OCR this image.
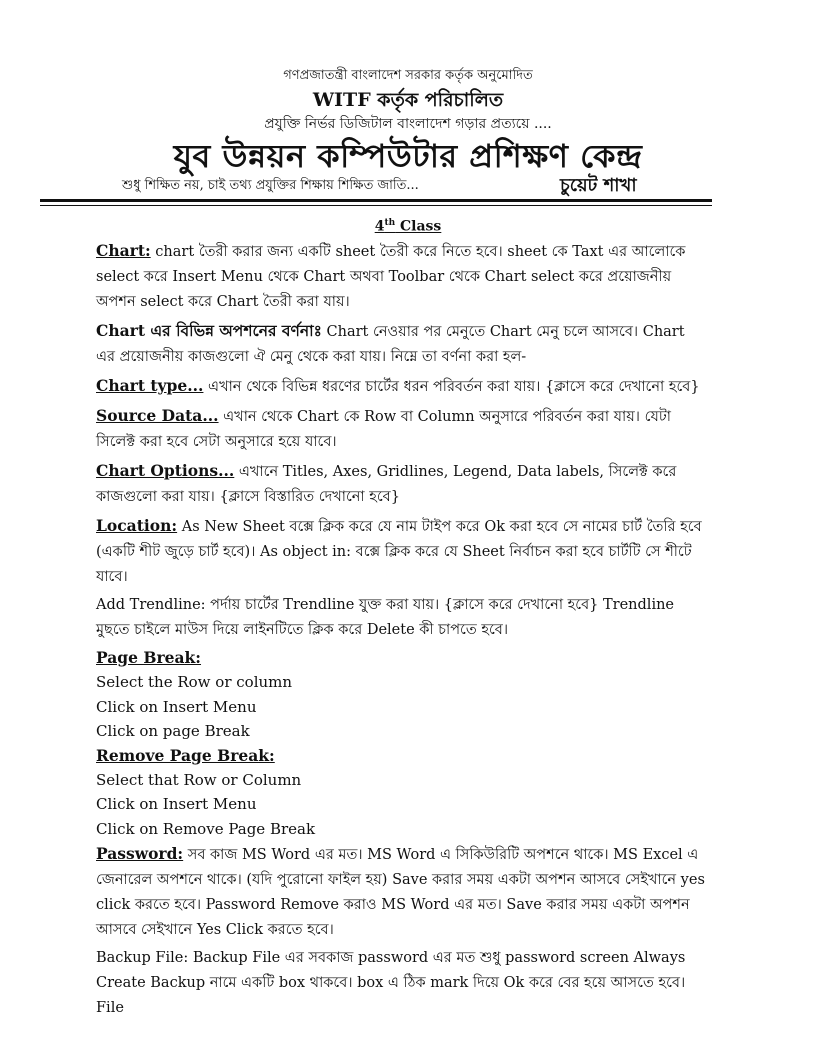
গণপ্রজাতন্ত্রী বাংলাদেশ সরকার কর্তৃক অনুমোদিত
WITF কর্তৃক পরিচালিত
প্রযুক্তি নির্ভর ডিজিটাল বাংলাদেশ গড়ার প্রত্যয়ে ....
যুব উন্নয়ন কম্পিউটার প্রশিক্ষণ কেন্দ্র
শুধু শিক্ষিত নয়, চাই তথ্য প্রযুক্তির শিক্ষায় শিক্ষিত জাতি...	চুয়েট শাখা
4th Class

Chart: chart তৈরী করার জন্য একটি sheet তৈরী করে নিতে হবে। sheet কে Taxt এর আলোকে select করে Insert Menu থেকে Chart অথবা Toolbar থেকে Chart select করে প্রয়োজনীয় অপশন select করে Chart তৈরী করা যায়।

Chart এর বিভিন্ন অপশনের বর্ণনাঃ Chart নেওয়ার পর মেনুতে Chart মেনু চলে আসবে। Chart এর প্রয়োজনীয় কাজগুলো ঐ মেনু থেকে করা যায়। নিম্নে তা বর্ণনা করা হল-

Chart type... এখান থেকে বিভিন্ন ধরণের চার্টের ধরন পরিবর্তন করা যায়। {ক্লাসে করে দেখানো হবে}

Source Data... এখান থেকে Chart কে Row বা Column অনুসারে পরিবর্তন করা যায়। যেটা সিলেক্ট করা হবে সেটা অনুসারে হয়ে যাবে।

Chart Options... এখানে Titles, Axes, Gridlines, Legend, Data labels, সিলেক্ট করে কাজগুলো করা যায়। {ক্লাসে বিস্তারিত দেখানো হবে}

Location: As New Sheet বক্সে ক্লিক করে যে নাম টাইপ করে Ok করা হবে সে নামের চার্ট তৈরি হবে (একটি শীট জুড়ে চার্ট হবে)। As object in: বক্সে ক্লিক করে যে Sheet নির্বাচন করা হবে চার্টটি সে শীটে যাবে।

Add Trendline: পর্দায় চার্টের Trendline যুক্ত করা যায়। {ক্লাসে করে দেখানো হবে} Trendline মুছতে চাইলে মাউস দিয়ে লাইনটিতে ক্লিক করে Delete কী চাপতে হবে।

Page Break:

Select the Row or column

Click on Insert Menu

Click on page Break

Remove Page Break:

Select that Row or Column

Click on Insert Menu

Click on Remove Page Break

Password: সব কাজ MS Word এর মত। MS Word এ সিকিউরিটি অপশনে থাকে। MS Excel এ জেনারেল অপশনে থাকে। (যদি পুরোনো ফাইল হয়) Save করার সময় একটা অপশন আসবে সেইখানে yes click করতে হবে। Password Remove করাও MS Word এর মত। Save করার সময় একটা অপশন আসবে সেইখানে Yes Click করতে হবে।

Backup File: Backup File এর সবকাজ password এর মত শুধু password screen Always Create Backup নামে একটি box থাকবে। box এ ঠিক mark দিয়ে Ok করে বের হয়ে আসতে হবে। File
